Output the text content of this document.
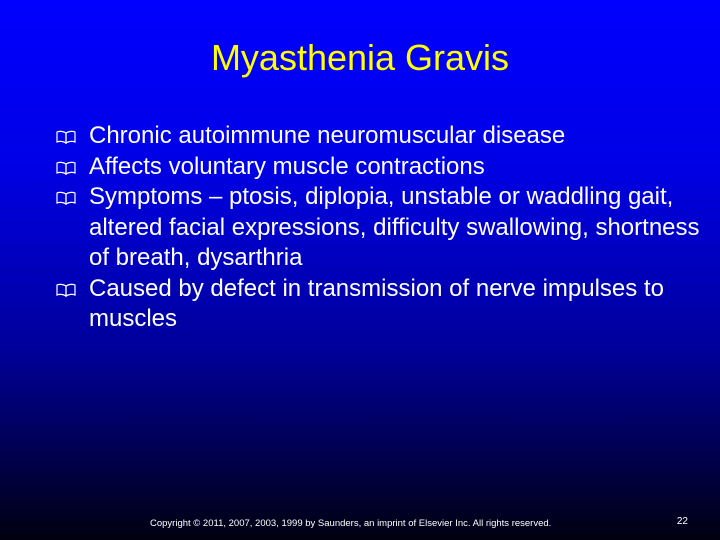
Myasthenia Gravis
Chronic autoimmune neuromuscular disease
Affects voluntary muscle contractions
Symptoms – ptosis, diplopia, unstable or waddling gait, altered facial expressions, difficulty swallowing, shortness of breath, dysarthria
Caused by defect in transmission of nerve impulses to muscles
Copyright © 2011, 2007, 2003, 1999 by Saunders, an imprint of Elsevier Inc. All rights reserved.	22
